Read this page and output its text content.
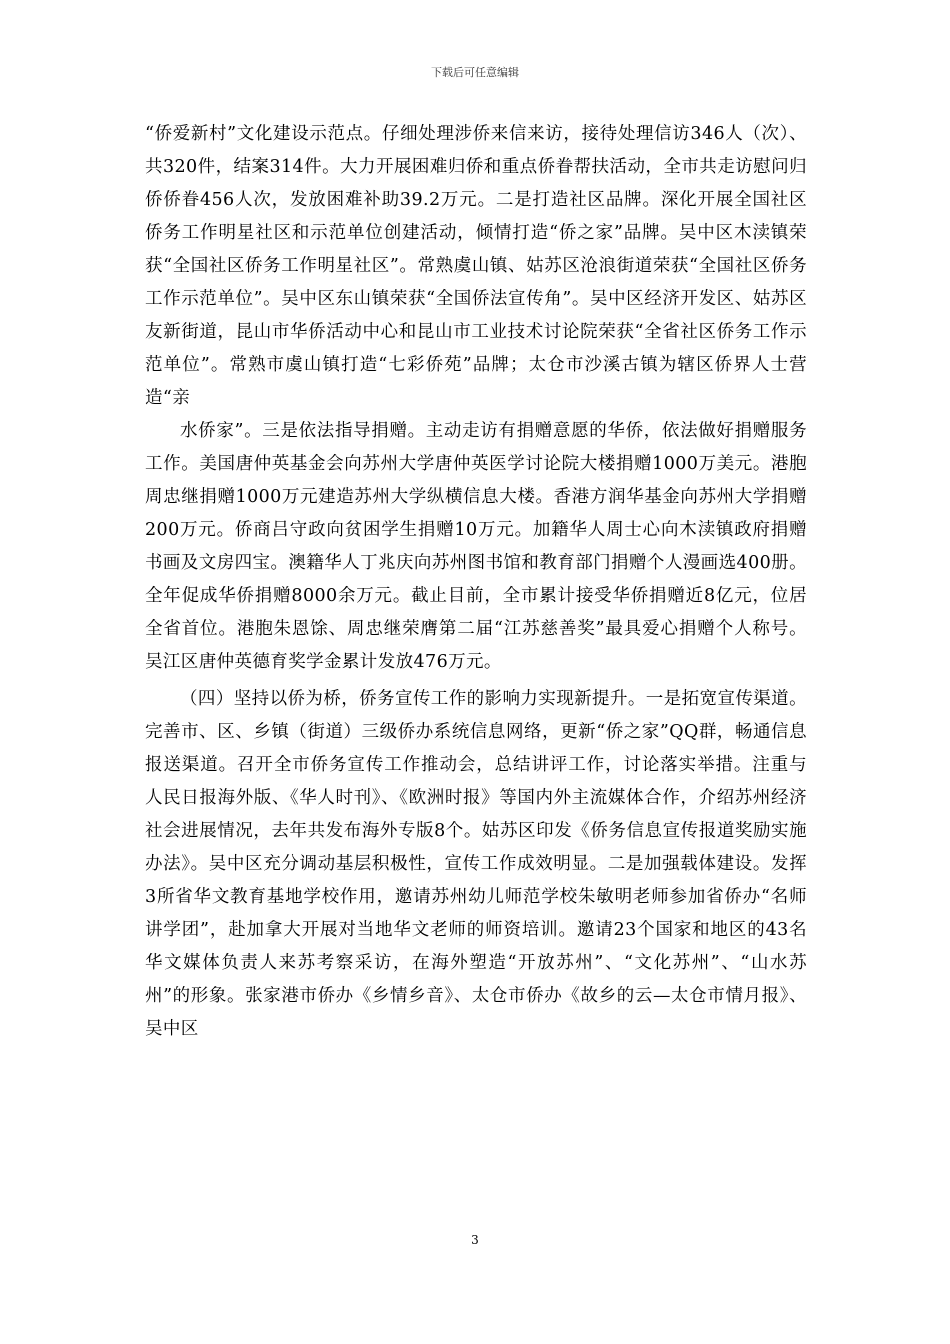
下载后可任意编辑

“侨爱新村”文化建设示范点。仔细处理涉侨来信来访，接待处理信访346人（次）、共320件，结案314件。大力开展困难归侨和重点侨眷帮扶活动，全市共走访慰问归侨侨眷456人次，发放困难补助39.2万元。二是打造社区品牌。深化开展全国社区侨务工作明星社区和示范单位创建活动，倾情打造“侨之家”品牌。吴中区木渎镇荣获“全国社区侨务工作明星社区”。常熟虞山镇、姑苏区沧浪街道荣获“全国社区侨务工作示范单位”。吴中区东山镇荣获“全国侨法宣传角”。吴中区经济开发区、姑苏区友新街道，昆山市华侨活动中心和昆山市工业技术讨论院荣获“全省社区侨务工作示范单位”。常熟市虞山镇打造“七彩侨苑”品牌；太仓市沙溪古镇为辖区侨界人士营造“亲

水侨家”。三是依法指导捐赠。主动走访有捐赠意愿的华侨，依法做好捐赠服务工作。美国唐仲英基金会向苏州大学唐仲英医学讨论院大楼捐赠1000万美元。港胞周忠继捐赠1000万元建造苏州大学纵横信息大楼。香港方润华基金向苏州大学捐赠200万元。侨商吕守政向贫困学生捐赠10万元。加籍华人周士心向木渎镇政府捐赠书画及文房四宝。澳籍华人丁兆庆向苏州图书馆和教育部门捐赠个人漫画选400册。全年促成华侨捐赠8000余万元。截止目前，全市累计接受华侨捐赠近8亿元，位居全省首位。港胞朱恩馀、周忠继荣膺第二届“江苏慈善奖”最具爱心捐赠个人称号。吴江区唐仲英德育奖学金累计发放476万元。

（四）坚持以侨为桥，侨务宣传工作的影响力实现新提升。一是拓宽宣传渠道。完善市、区、乡镇（街道）三级侨办系统信息网络，更新“侨之家”QQ群，畅通信息报送渠道。召开全市侨务宣传工作推动会，总结讲评工作，讨论落实举措。注重与人民日报海外版、《华人时刊》、《欧洲时报》等国内外主流媒体合作，介绍苏州经济社会进展情况，去年共发布海外专版8个。姑苏区印发《侨务信息宣传报道奖励实施办法》。吴中区充分调动基层积极性，宣传工作成效明显。二是加强载体建设。发挥3所省华文教育基地学校作用，邀请苏州幼儿师范学校朱敏明老师参加省侨办“名师讲学团”，赴加拿大开展对当地华文老师的师资培训。邀请23个国家和地区的43名华文媒体负责人来苏考察采访，在海外塑造“开放苏州”、“文化苏州”、“山水苏州”的形象。张家港市侨办《乡情乡音》、太仓市侨办《故乡的云—太仓市情月报》、吴中区

3
